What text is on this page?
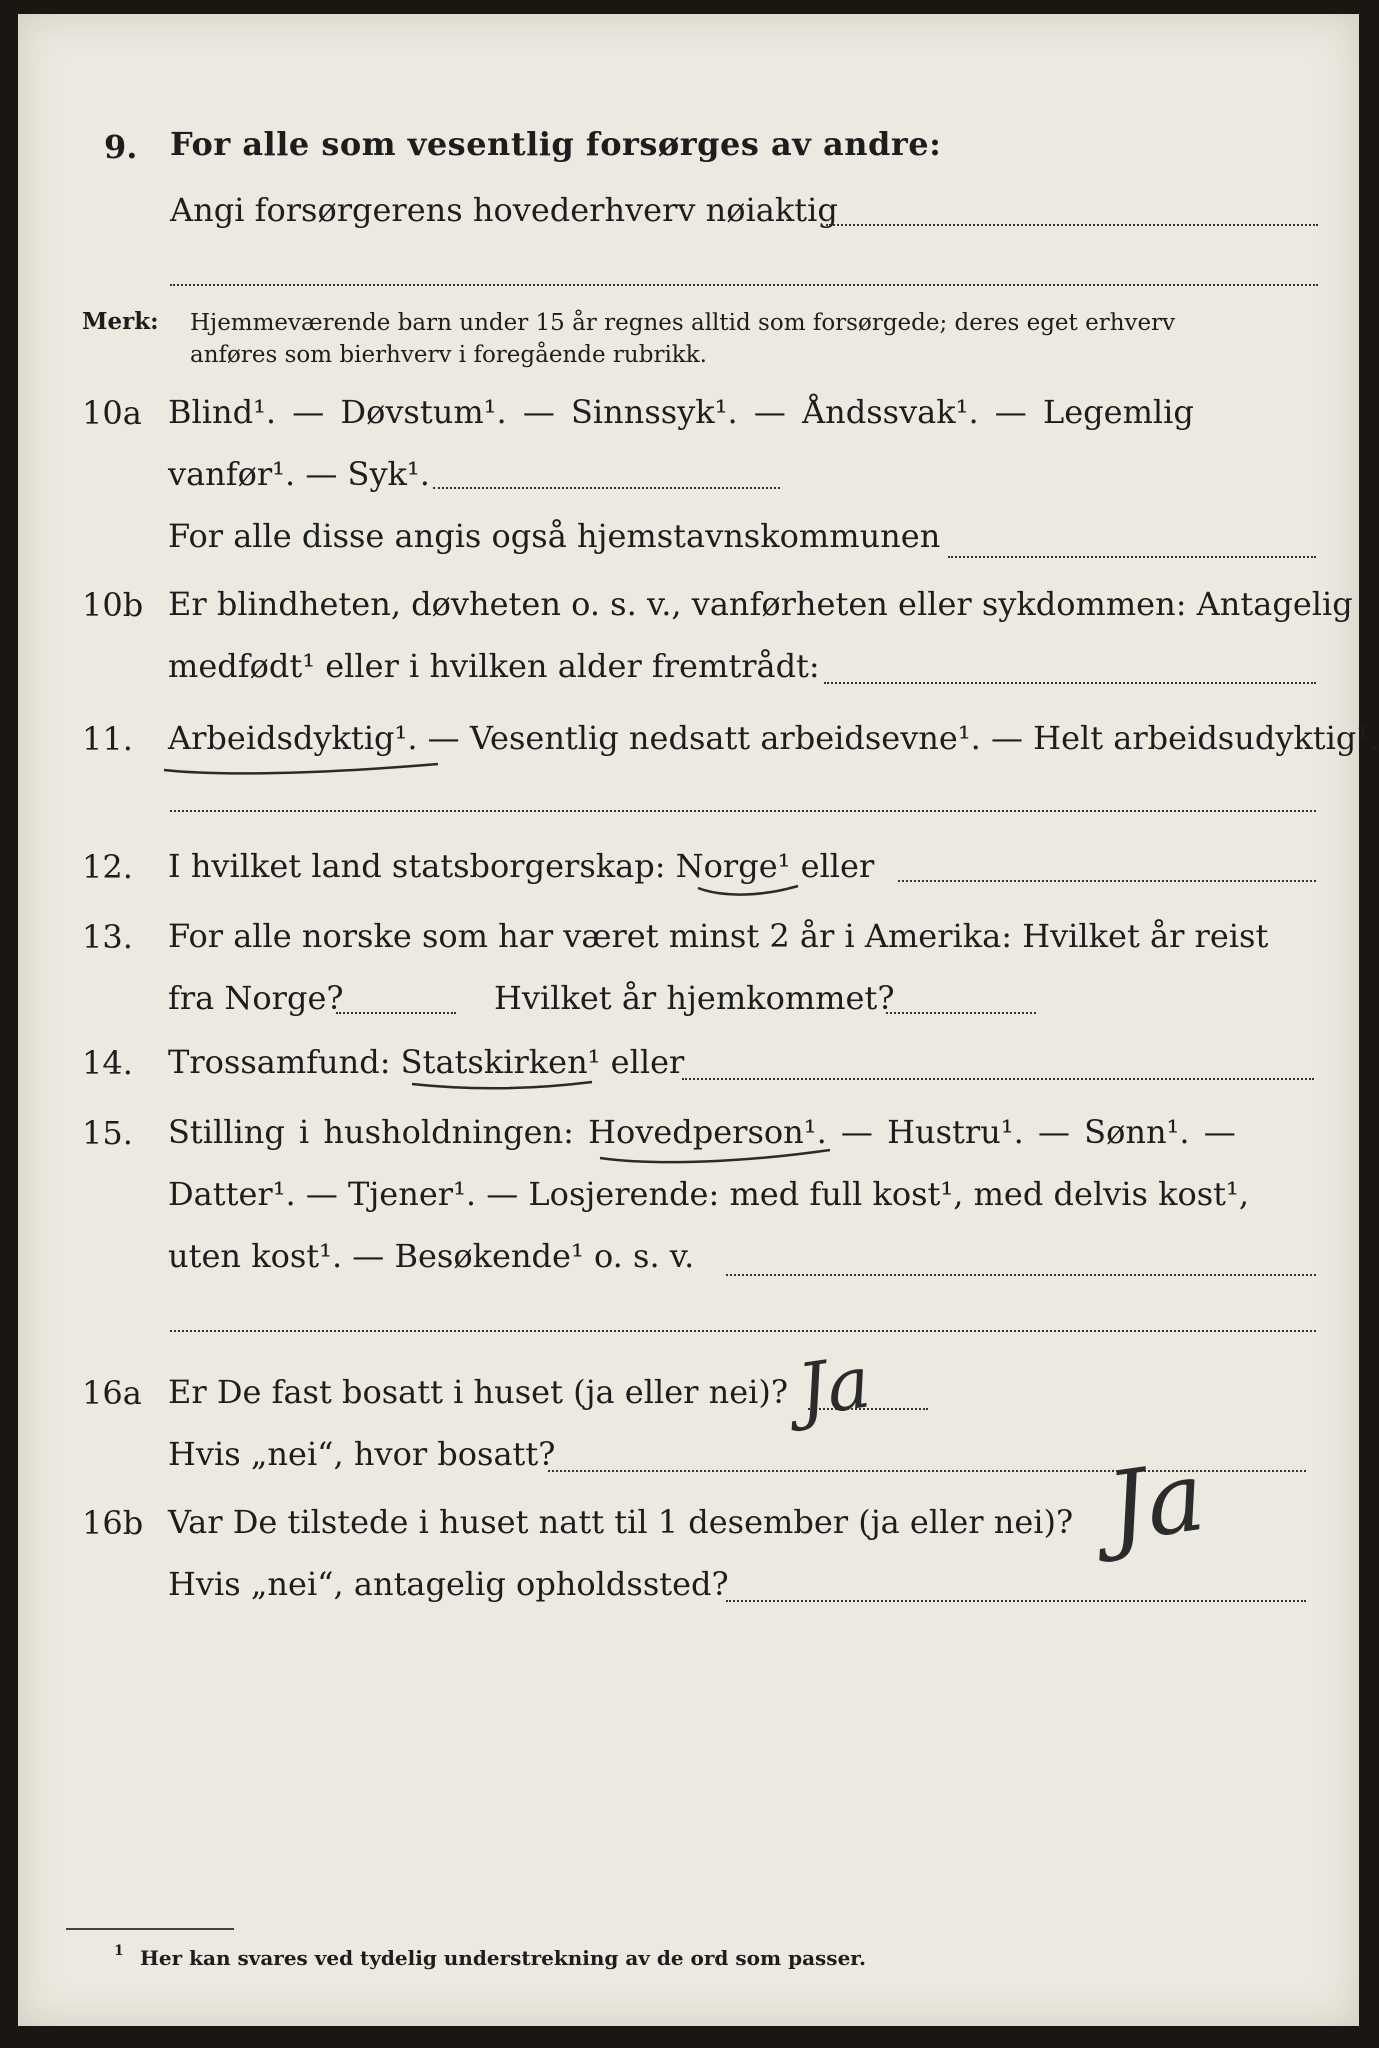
9. For alle som vesentlig forsørges av andre:
Angi forsørgerens hovederhverv nøiaktig
Merk: Hjemmeværende barn under 15 år regnes alltid som forsørgede; deres eget erhverv
anføres som bierhverv i foregående rubrikk.
10a Blind¹. — Døvstum¹. — Sinnssyk¹. — Åndssvak¹. — Legemlig
vanfør¹. — Syk¹.
For alle disse angis også hjemstavnskommunen
10b Er blindheten, døvheten o. s. v., vanførheten eller sykdommen: Antagelig
medfødt¹ eller i hvilken alder fremtrådt:
11. Arbeidsdyktig¹. — Vesentlig nedsatt arbeidsevne¹. — Helt arbeidsudyktig¹.
12. I hvilket land statsborgerskap: Norge¹ eller
13. For alle norske som har været minst 2 år i Amerika: Hvilket år reist
fra Norge?	Hvilket år hjemkommet?
14. Trossamfund: Statskirken¹ eller
15. Stilling i husholdningen: Hovedperson¹. — Hustru¹. — Sønn¹. —
Datter¹. — Tjener¹. — Losjerende: med full kost¹, med delvis kost¹,
uten kost¹. — Besøkende¹ o. s. v.
16a Er De fast bosatt i huset (ja eller nei)? Ja
Hvis „nei“, hvor bosatt?
16b Var De tilstede i huset natt til 1 desember (ja eller nei)? Ja
Hvis „nei“, antagelig opholdssted?
1 Her kan svares ved tydelig understrekning av de ord som passer.
